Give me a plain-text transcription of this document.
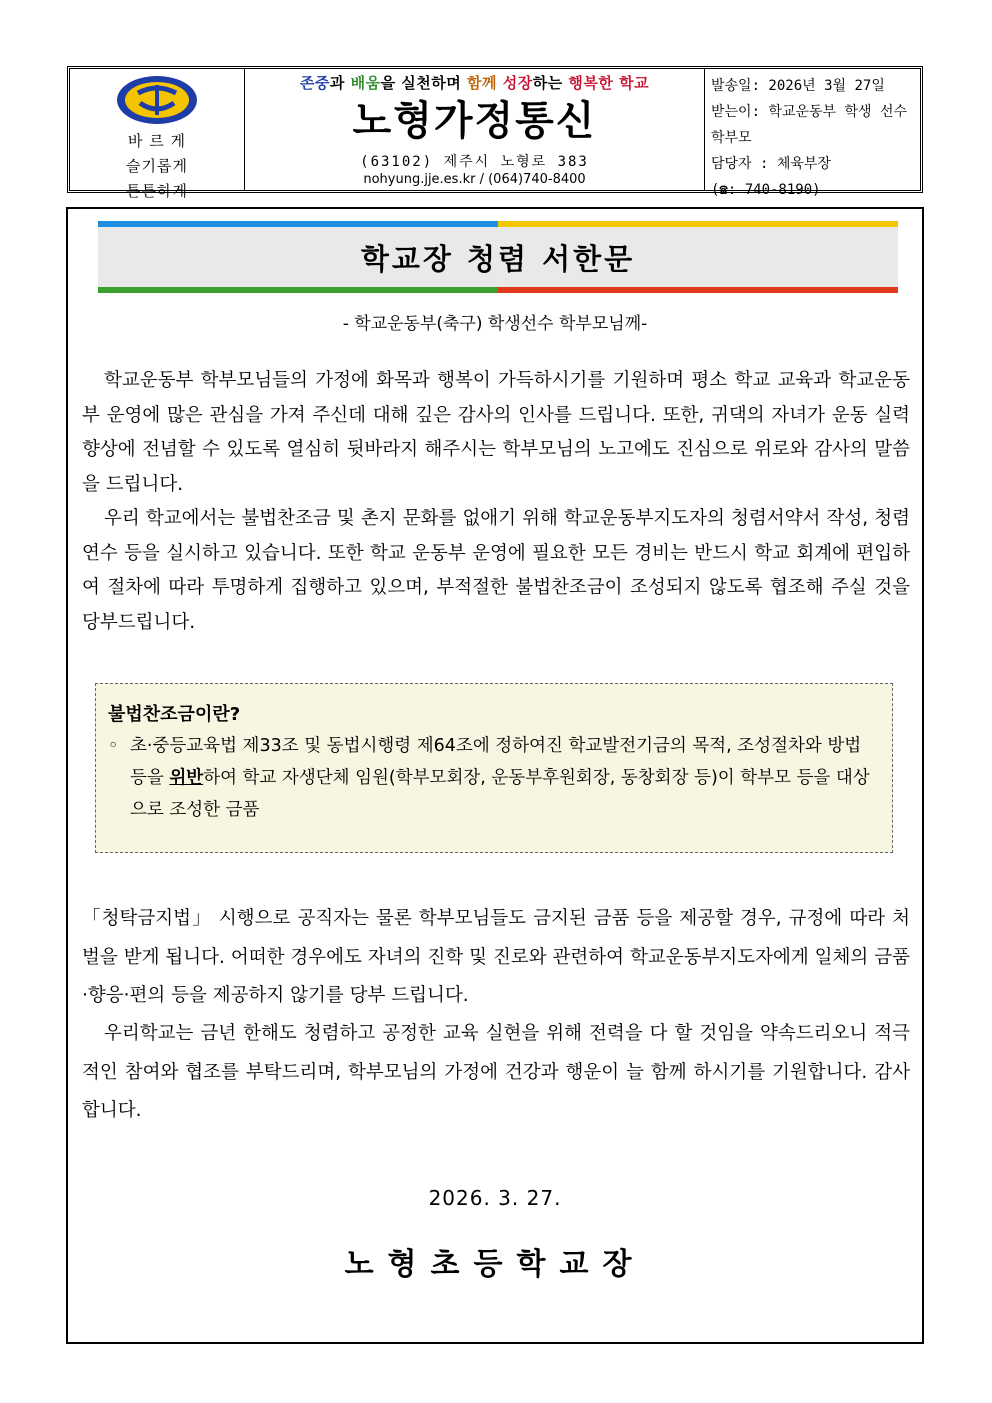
바 르 게
슬기롭게
튼튼하게
존중과 배움을 실천하며 함께 성장하는 행복한 학교
노형가정통신
(63102) 제주시 노형로 383
nohyung.jje.es.kr / (064)740-8400
발송일: 2026년 3월 27일
받는이: 학교운동부 학생 선수
학부모
담당자 : 체육부장
(☎: 740-8190)
학교장 청렴 서한문
- 학교운동부(축구) 학생선수 학부모님께-
학교운동부 학부모님들의 가정에 화목과 행복이 가득하시기를 기원하며 평소 학교 교육과 학교운동부 운영에 많은 관심을 가져 주신데 대해 깊은 감사의 인사를 드립니다. 또한, 귀댁의 자녀가 운동 실력 향상에 전념할 수 있도록 열심히 뒷바라지 해주시는 학부모님의 노고에도 진심으로 위로와 감사의 말씀을 드립니다.
우리 학교에서는 불법찬조금 및 촌지 문화를 없애기 위해 학교운동부지도자의 청렴서약서 작성, 청렴연수 등을 실시하고 있습니다. 또한 학교 운동부 운영에 필요한 모든 경비는 반드시 학교 회계에 편입하여 절차에 따라 투명하게 집행하고 있으며, 부적절한 불법찬조금이 조성되지 않도록 협조해 주실 것을 당부드립니다.
불법찬조금이란?
◦ 초·중등교육법 제33조 및 동법시행령 제64조에 정하여진 학교발전기금의 목적, 조성절차와 방법 등을 위반하여 학교 자생단체 임원(학부모회장, 운동부후원회장, 동창회장 등)이 학부모 등을 대상으로 조성한 금품
「청탁금지법」 시행으로 공직자는 물론 학부모님들도 금지된 금품 등을 제공할 경우, 규정에 따라 처벌을 받게 됩니다. 어떠한 경우에도 자녀의 진학 및 진로와 관련하여 학교운동부지도자에게 일체의 금품·향응·편의 등을 제공하지 않기를 당부 드립니다.
우리학교는 금년 한해도 청렴하고 공정한 교육 실현을 위해 전력을 다 할 것임을 약속드리오니 적극적인 참여와 협조를 부탁드리며, 학부모님의 가정에 건강과 행운이 늘 함께 하시기를 기원합니다. 감사합니다.
2026. 3. 27.
노형초등학교장
